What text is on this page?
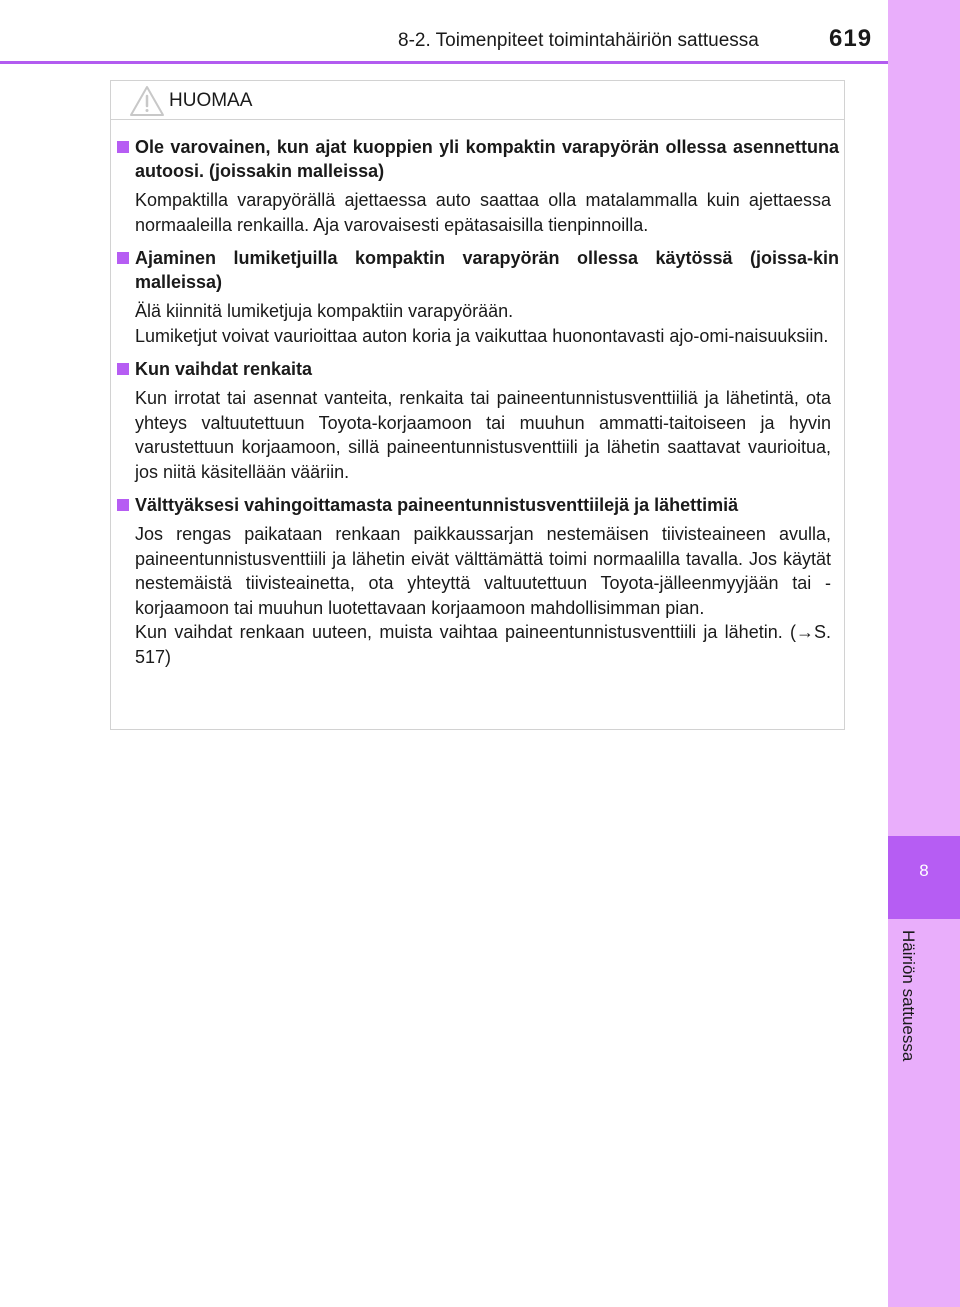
8-2. Toimenpiteet toimintahäiriön sattuessa	619
8
Häiriön sattuessa
HUOMAA
Ole varovainen, kun ajat kuoppien yli kompaktin varapyörän ollessa asennettuna autoosi. (joissakin malleissa)

Kompaktilla varapyörällä ajettaessa auto saattaa olla matalammalla kuin ajettaessa normaaleilla renkailla. Aja varovaisesti epätasaisilla tienpinnoilla.

Ajaminen lumiketjuilla kompaktin varapyörän ollessa käytössä (joissa-kin malleissa)

Älä kiinnitä lumiketjuja kompaktiin varapyörään.

Lumiketjut voivat vaurioittaa auton koria ja vaikuttaa huonontavasti ajo-omi-naisuuksiin.

Kun vaihdat renkaita

Kun irrotat tai asennat vanteita, renkaita tai paineentunnistusventtiiliä ja lähetintä, ota yhteys valtuutettuun Toyota-korjaamoon tai muuhun ammatti-taitoiseen ja hyvin varustettuun korjaamoon, sillä paineentunnistusventtiili ja lähetin saattavat vaurioitua, jos niitä käsitellään vääriin.

Välttyäksesi vahingoittamasta paineentunnistusventtiilejä ja lähettimiä

Jos rengas paikataan renkaan paikkaussarjan nestemäisen tiivisteaineen avulla, paineentunnistusventtiili ja lähetin eivät välttämättä toimi normaalilla tavalla. Jos käytät nestemäistä tiivisteainetta, ota yhteyttä valtuutettuun Toyota-jälleenmyyjään tai -korjaamoon tai muuhun luotettavaan korjaamoon mahdollisimman pian.

Kun vaihdat renkaan uuteen, muista vaihtaa paineentunnistusventtiili ja lähetin. (→S. 517)
